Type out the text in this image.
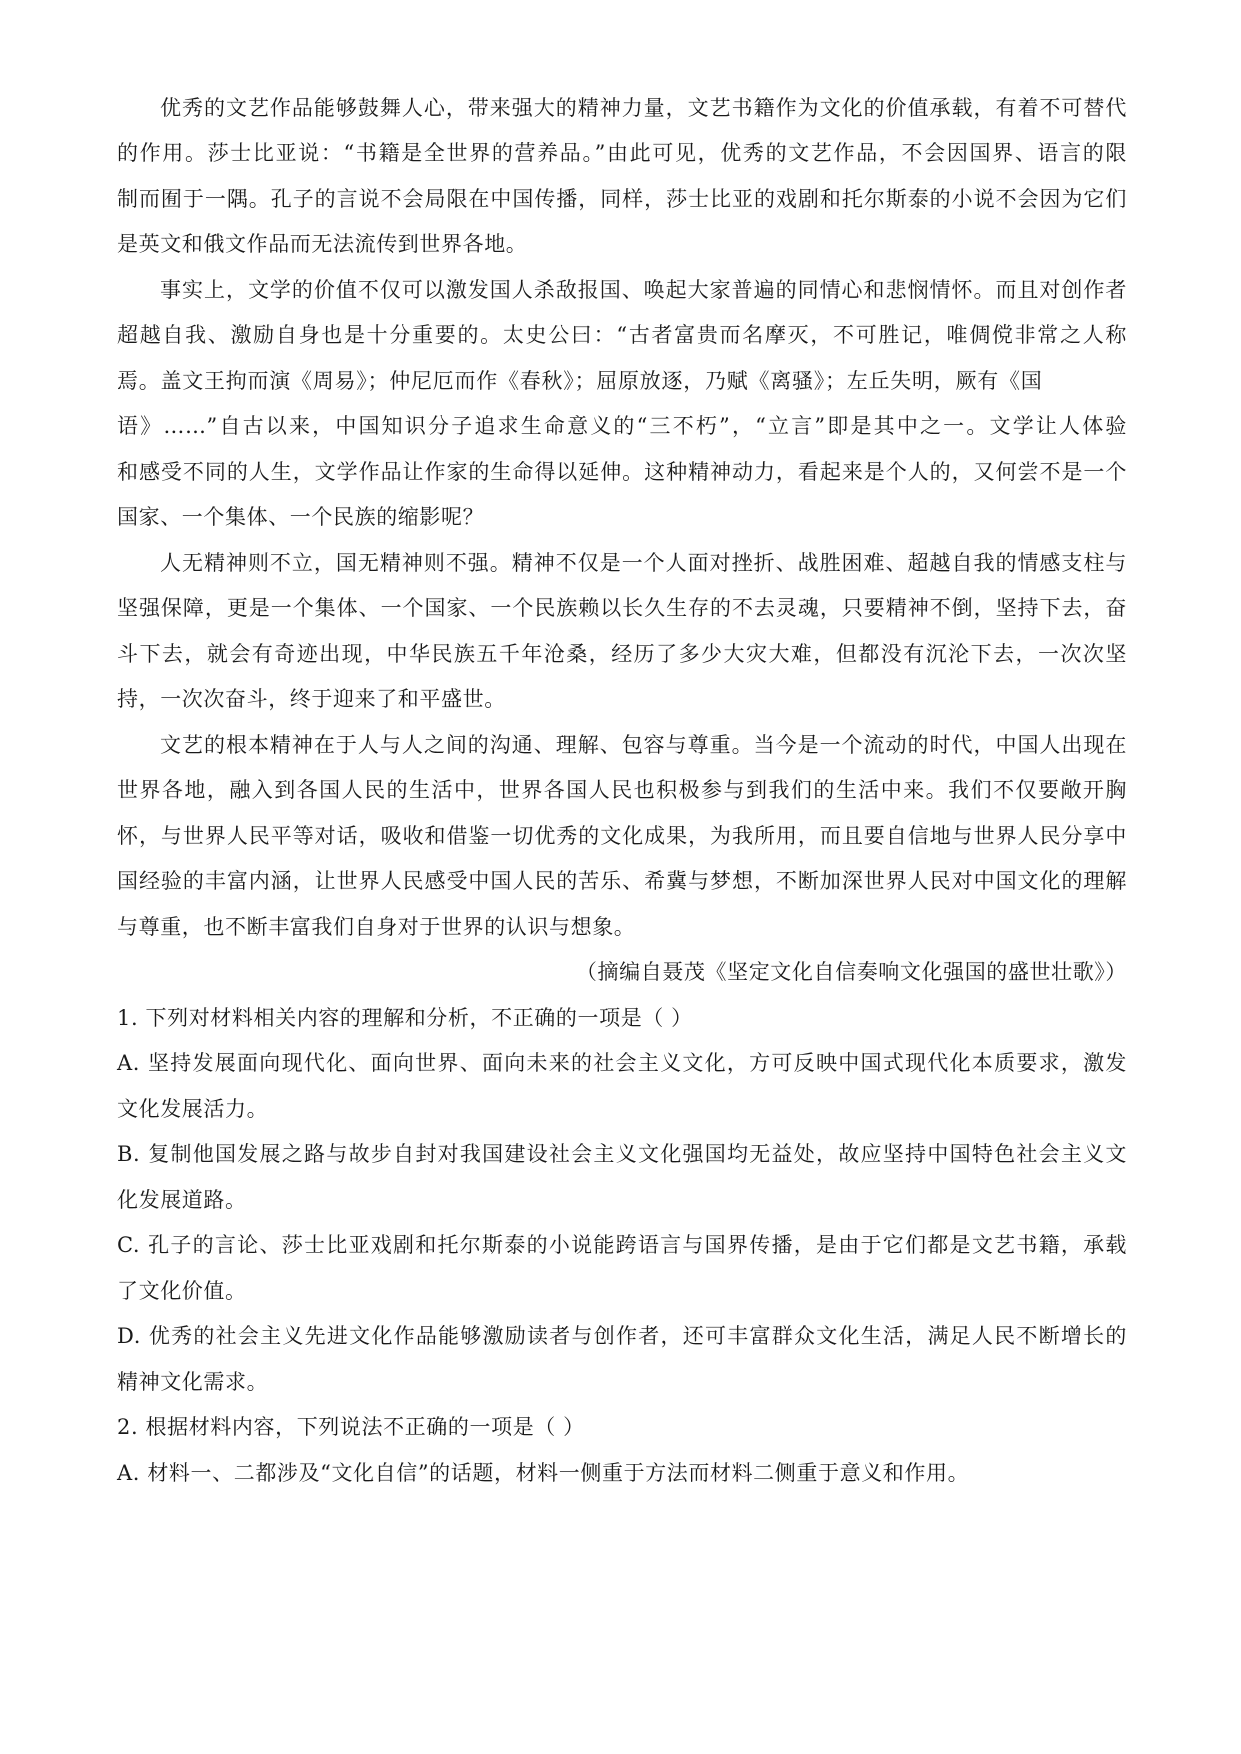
优秀的文艺作品能够鼓舞人心，带来强大的精神力量，文艺书籍作为文化的价值承载，有着不可替代
的作用。莎士比亚说：“书籍是全世界的营养品。”由此可见，优秀的文艺作品，不会因国界、语言的限
制而囿于一隅。孔子的言说不会局限在中国传播，同样，莎士比亚的戏剧和托尔斯泰的小说不会因为它们
是英文和俄文作品而无法流传到世界各地。
事实上，文学的价值不仅可以激发国人杀敌报国、唤起大家普遍的同情心和悲悯情怀。而且对创作者
超越自我、激励自身也是十分重要的。太史公曰：“古者富贵而名摩灭，不可胜记，唯倜傥非常之人称
焉。盖文王拘而演《周易》；仲尼厄而作《春秋》；屈原放逐，乃赋《离骚》；左丘失明，厥有《国
语》……”自古以来，中国知识分子追求生命意义的“三不朽”，“立言”即是其中之一。文学让人体验
和感受不同的人生，文学作品让作家的生命得以延伸。这种精神动力，看起来是个人的，又何尝不是一个
国家、一个集体、一个民族的缩影呢？
人无精神则不立，国无精神则不强。精神不仅是一个人面对挫折、战胜困难、超越自我的情感支柱与
坚强保障，更是一个集体、一个国家、一个民族赖以长久生存的不去灵魂，只要精神不倒，坚持下去，奋
斗下去，就会有奇迹出现，中华民族五千年沧桑，经历了多少大灾大难，但都没有沉沦下去，一次次坚
持，一次次奋斗，终于迎来了和平盛世。
文艺的根本精神在于人与人之间的沟通、理解、包容与尊重。当今是一个流动的时代，中国人出现在
世界各地，融入到各国人民的生活中，世界各国人民也积极参与到我们的生活中来。我们不仅要敞开胸
怀，与世界人民平等对话，吸收和借鉴一切优秀的文化成果，为我所用，而且要自信地与世界人民分享中
国经验的丰富内涵，让世界人民感受中国人民的苦乐、希冀与梦想，不断加深世界人民对中国文化的理解
与尊重，也不断丰富我们自身对于世界的认识与想象。
（摘编自聂茂《坚定文化自信奏响文化强国的盛世壮歌》）
1. 下列对材料相关内容的理解和分析，不正确的一项是（ ）
A. 坚持发展面向现代化、面向世界、面向未来的社会主义文化，方可反映中国式现代化本质要求，激发
文化发展活力。
B. 复制他国发展之路与故步自封对我国建设社会主义文化强国均无益处，故应坚持中国特色社会主义文
化发展道路。
C. 孔子的言论、莎士比亚戏剧和托尔斯泰的小说能跨语言与国界传播，是由于它们都是文艺书籍，承载
了文化价值。
D. 优秀的社会主义先进文化作品能够激励读者与创作者，还可丰富群众文化生活，满足人民不断增长的
精神文化需求。
2. 根据材料内容，下列说法不正确的一项是（ ）
A. 材料一、二都涉及“文化自信”的话题，材料一侧重于方法而材料二侧重于意义和作用。
